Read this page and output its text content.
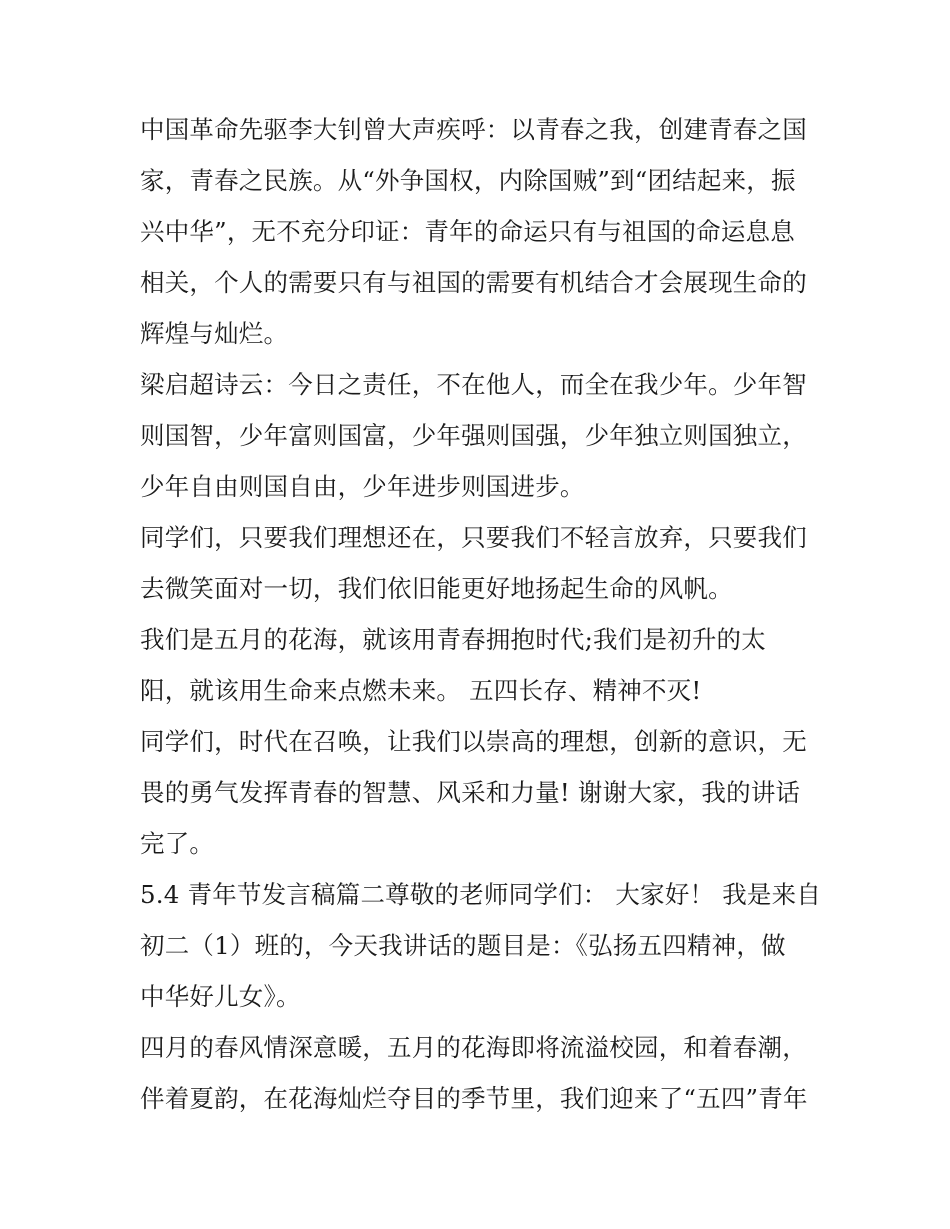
中国革命先驱李大钊曾大声疾呼：以青春之我，创建青春之国
家，青春之民族。从“外争国权，内除国贼”到“团结起来，振
兴中华”，无不充分印证：青年的命运只有与祖国的命运息息
相关，个人的需要只有与祖国的需要有机结合才会展现生命的
辉煌与灿烂。
梁启超诗云：今日之责任，不在他人，而全在我少年。少年智
则国智，少年富则国富，少年强则国强，少年独立则国独立，
少年自由则国自由，少年进步则国进步。
同学们，只要我们理想还在，只要我们不轻言放弃，只要我们
去微笑面对一切，我们依旧能更好地扬起生命的风帆。
我们是五月的花海，就该用青春拥抱时代;我们是初升的太
阳，就该用生命来点燃未来。 五四长存、精神不灭!
同学们，时代在召唤，让我们以崇高的理想，创新的意识，无
畏的勇气发挥青春的智慧、风采和力量! 谢谢大家，我的讲话
完了。
5.4 青年节发言稿篇二尊敬的老师同学们： 大家好！ 我是来自
初二（1）班的，今天我讲话的题目是：《弘扬五四精神，做
中华好儿女》。
四月的春风情深意暖，五月的花海即将流溢校园，和着春潮，
伴着夏韵，在花海灿烂夺目的季节里，我们迎来了“五四”青年
